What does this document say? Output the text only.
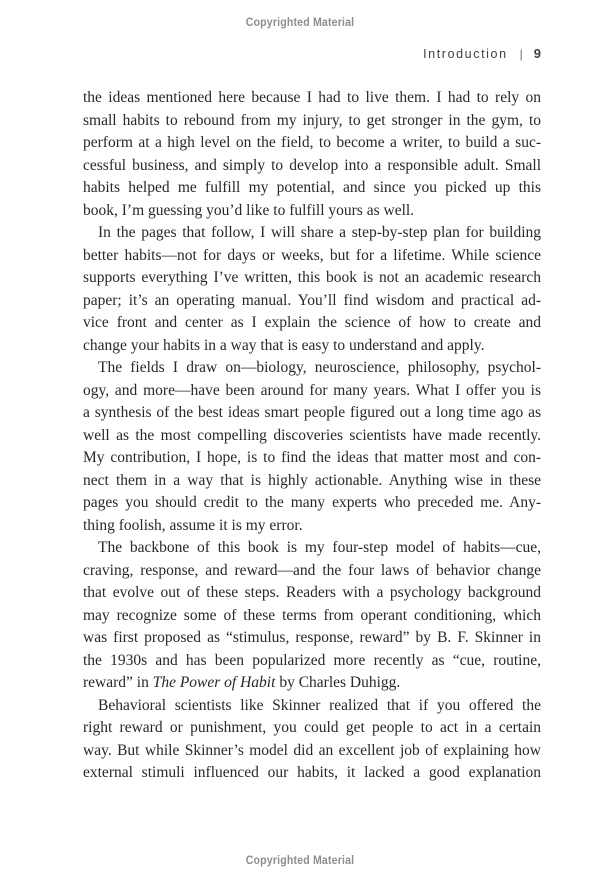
Copyrighted Material
Introduction | 9
the ideas mentioned here because I had to live them. I had to rely on
small habits to rebound from my injury, to get stronger in the gym, to
perform at a high level on the field, to become a writer, to build a suc-
cessful business, and simply to develop into a responsible adult. Small
habits helped me fulfill my potential, and since you picked up this
book, I’m guessing you’d like to fulfill yours as well.
In the pages that follow, I will share a step-by-step plan for building
better habits—not for days or weeks, but for a lifetime. While science
supports everything I’ve written, this book is not an academic research
paper; it’s an operating manual. You’ll find wisdom and practical ad-
vice front and center as I explain the science of how to create and
change your habits in a way that is easy to understand and apply.
The fields I draw on—biology, neuroscience, philosophy, psychol-
ogy, and more—have been around for many years. What I offer you is
a synthesis of the best ideas smart people figured out a long time ago as
well as the most compelling discoveries scientists have made recently.
My contribution, I hope, is to find the ideas that matter most and con-
nect them in a way that is highly actionable. Anything wise in these
pages you should credit to the many experts who preceded me. Any-
thing foolish, assume it is my error.
The backbone of this book is my four-step model of habits—cue,
craving, response, and reward—and the four laws of behavior change
that evolve out of these steps. Readers with a psychology background
may recognize some of these terms from operant conditioning, which
was first proposed as “stimulus, response, reward” by B. F. Skinner in
the 1930s and has been popularized more recently as “cue, routine,
reward” in The Power of Habit by Charles Duhigg.
Behavioral scientists like Skinner realized that if you offered the
right reward or punishment, you could get people to act in a certain
way. But while Skinner’s model did an excellent job of explaining how
external stimuli influenced our habits, it lacked a good explanation
Copyrighted Material
